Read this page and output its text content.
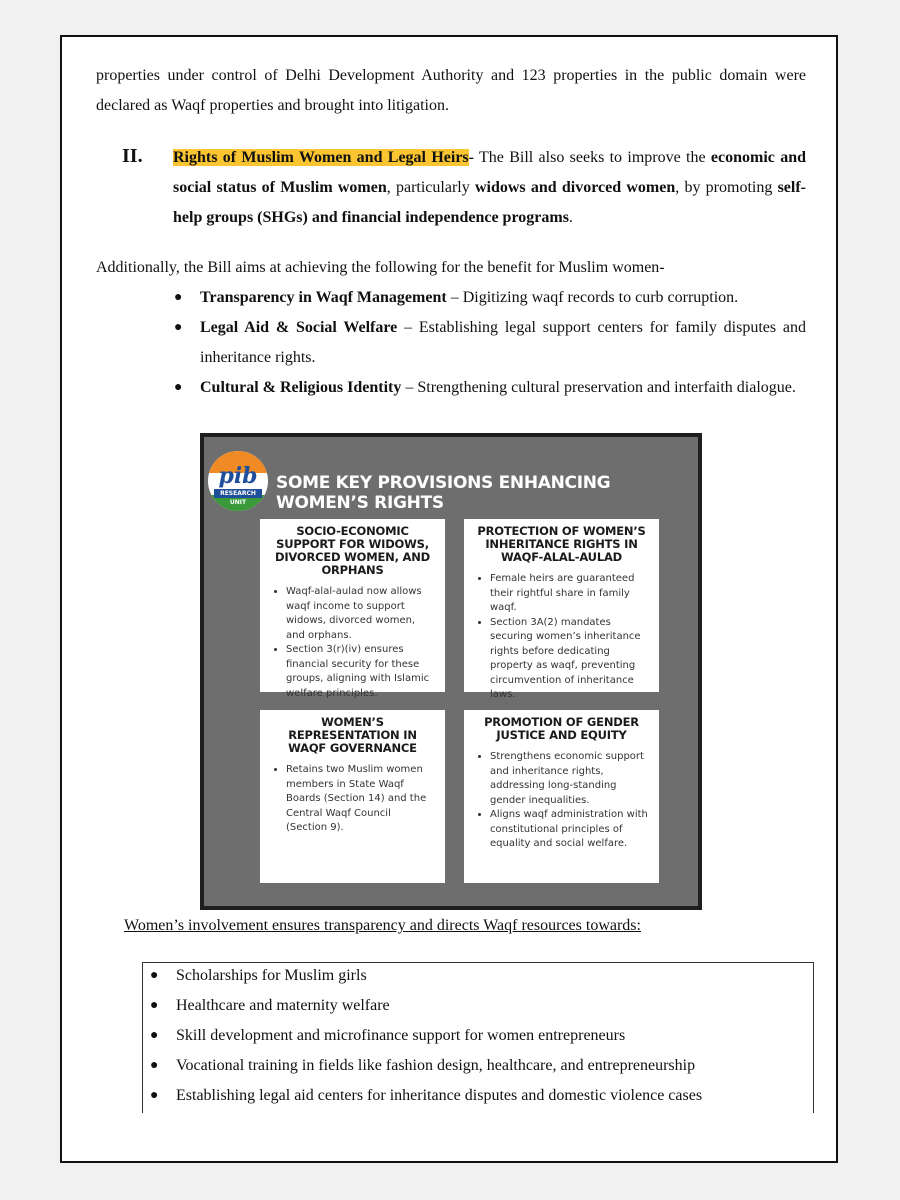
properties under control of Delhi Development Authority and 123 properties in the public domain were declared as Waqf properties and brought into litigation.
II. Rights of Muslim Women and Legal Heirs- The Bill also seeks to improve the economic and social status of Muslim women, particularly widows and divorced women, by promoting self-help groups (SHGs) and financial independence programs.
Additionally, the Bill aims at achieving the following for the benefit for Muslim women-
● Transparency in Waqf Management – Digitizing waqf records to curb corruption.
● Legal Aid & Social Welfare – Establishing legal support centers for family disputes and inheritance rights.
● Cultural & Religious Identity – Strengthening cultural preservation and interfaith dialogue.
pib
RESEARCH UNIT
SOME KEY PROVISIONS ENHANCING WOMEN’S RIGHTS
SOCIO-ECONOMIC SUPPORT FOR WIDOWS, DIVORCED WOMEN, AND ORPHANS
• Waqf-alal-aulad now allows waqf income to support widows, divorced women, and orphans.
• Section 3(r)(iv) ensures financial security for these groups, aligning with Islamic welfare principles.
PROTECTION OF WOMEN’S INHERITANCE RIGHTS IN WAQF-ALAL-AULAD
• Female heirs are guaranteed their rightful share in family waqf.
• Section 3A(2) mandates securing women’s inheritance rights before dedicating property as waqf, preventing circumvention of inheritance laws.
WOMEN’S REPRESENTATION IN WAQF GOVERNANCE
• Retains two Muslim women members in State Waqf Boards (Section 14) and the Central Waqf Council (Section 9).
PROMOTION OF GENDER JUSTICE AND EQUITY
• Strengthens economic support and inheritance rights, addressing long-standing gender inequalities.
• Aligns waqf administration with constitutional principles of equality and social welfare.
Women’s involvement ensures transparency and directs Waqf resources towards:
● Scholarships for Muslim girls
● Healthcare and maternity welfare
● Skill development and microfinance support for women entrepreneurs
● Vocational training in fields like fashion design, healthcare, and entrepreneurship
● Establishing legal aid centers for inheritance disputes and domestic violence cases
